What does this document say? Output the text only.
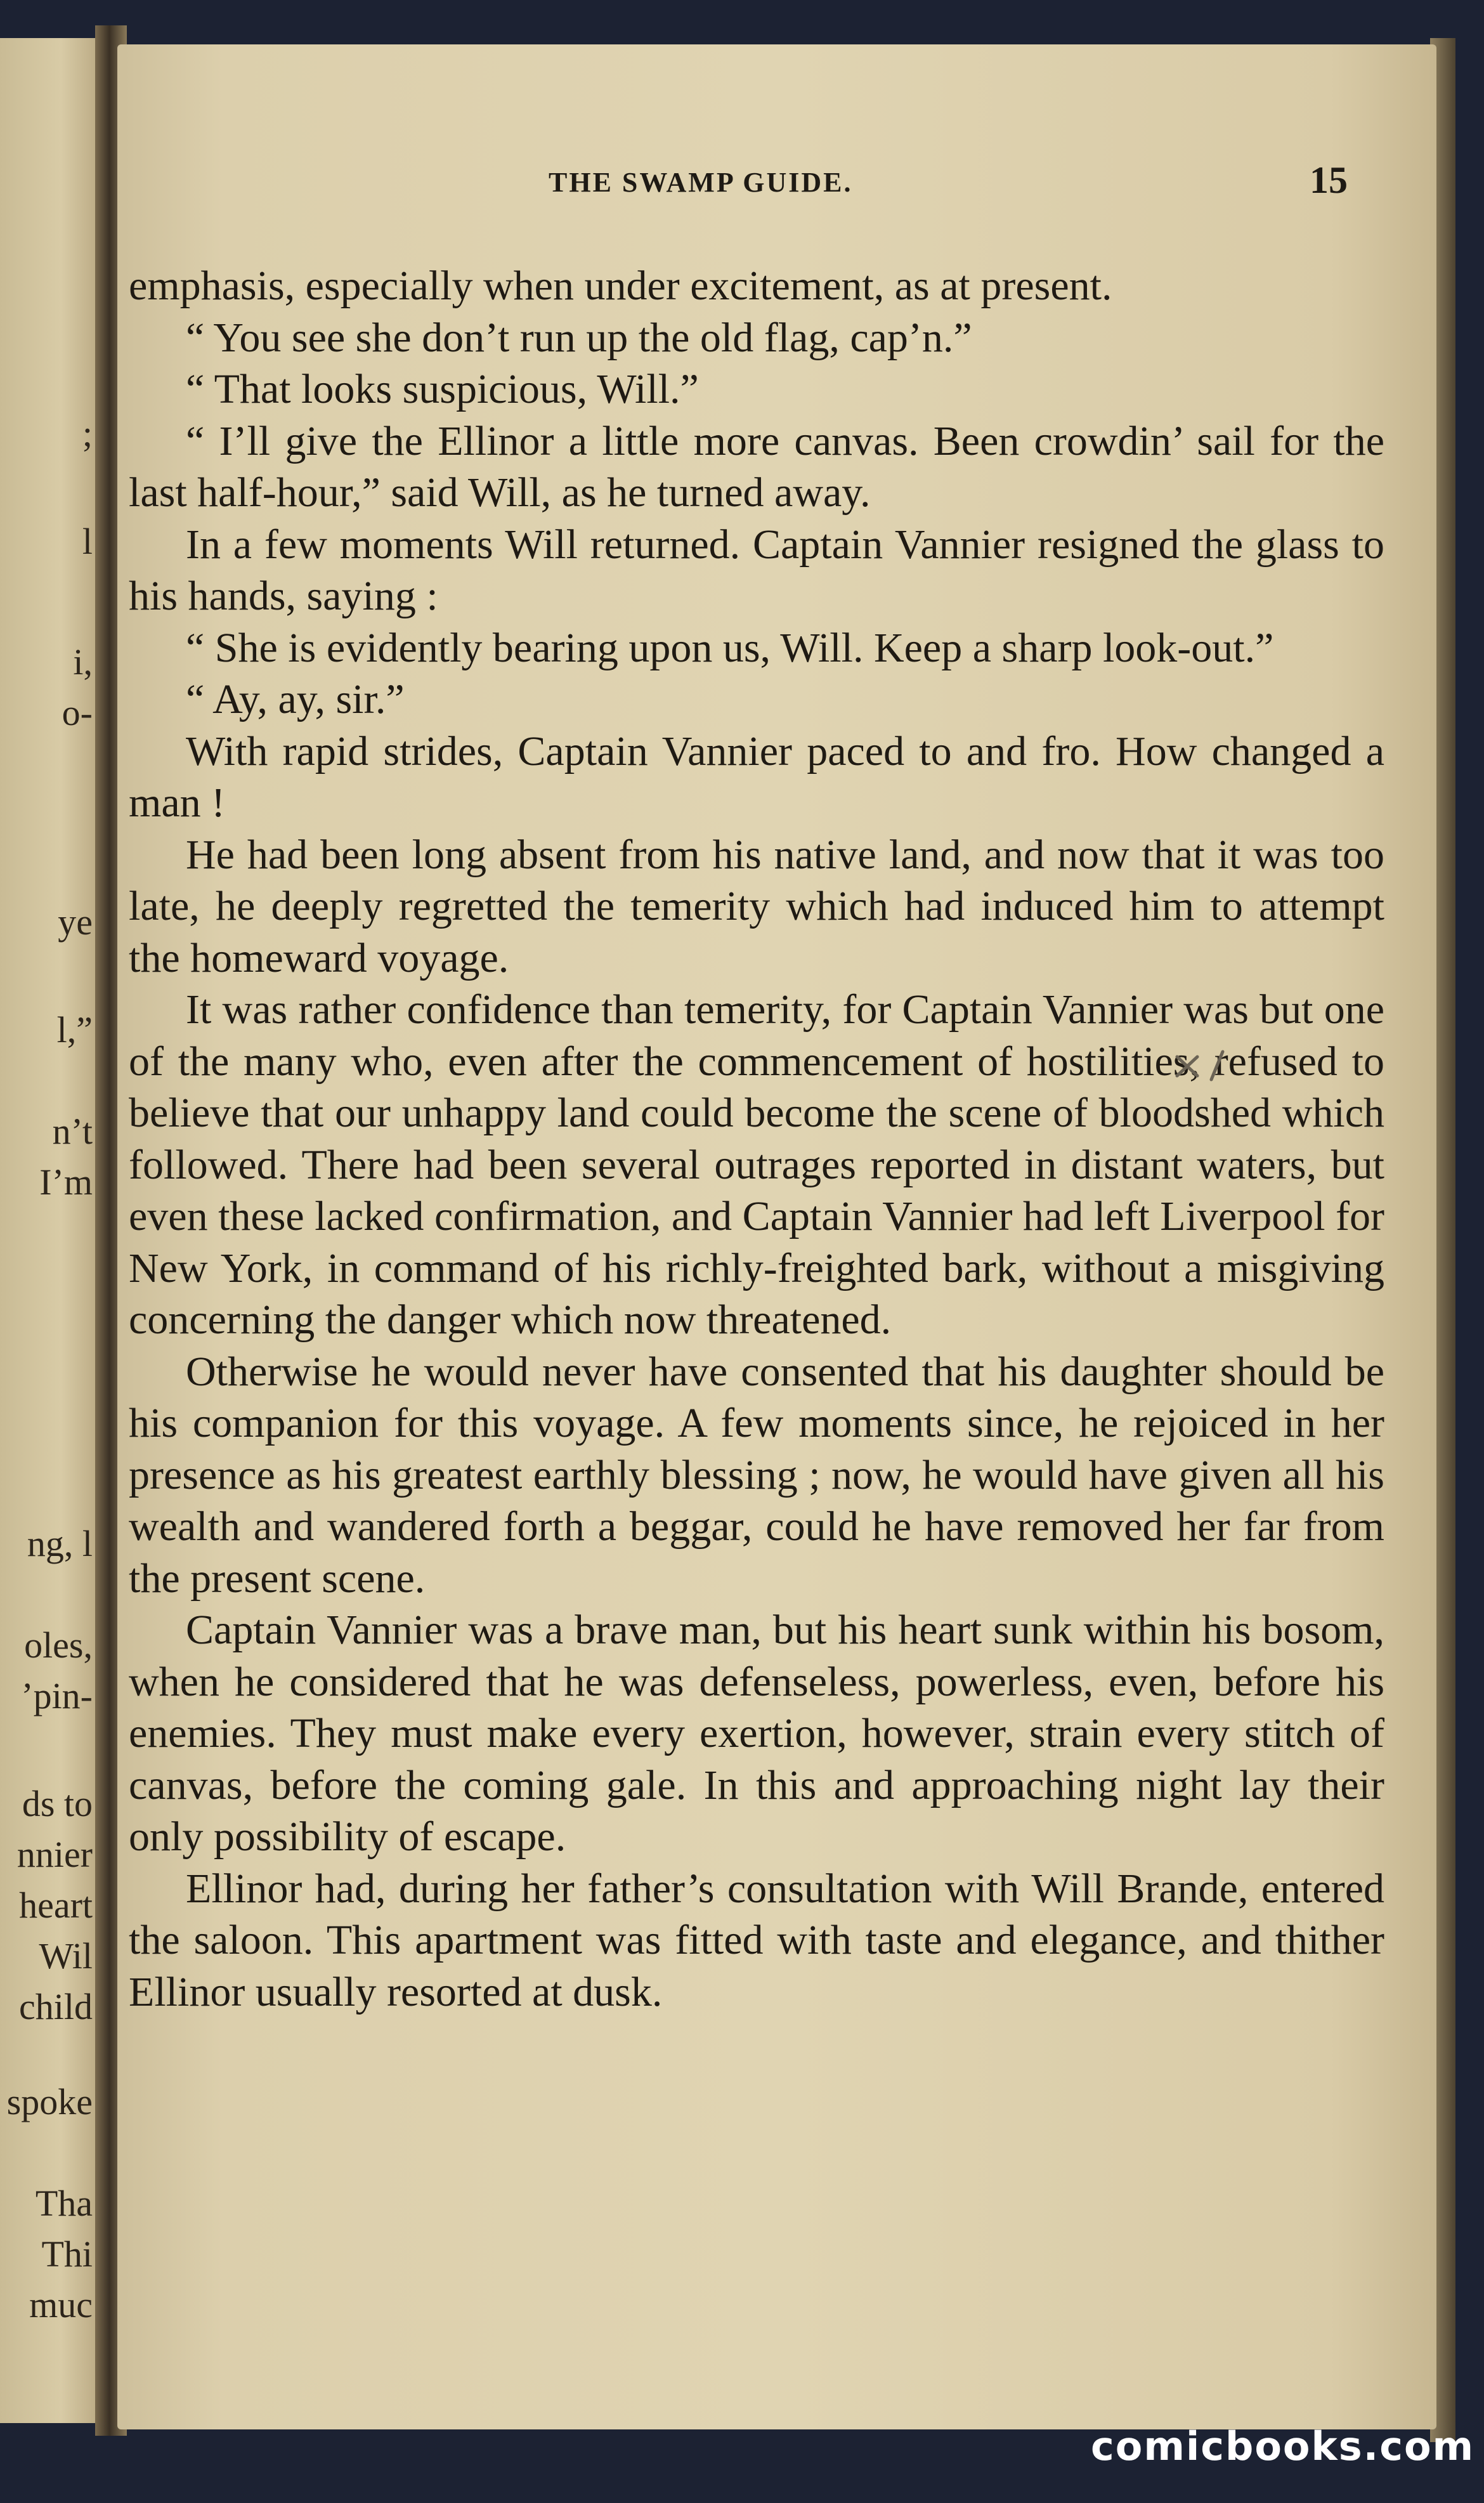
;
l
i,
o-
ye
l,”
n’t
I’m
ng, l
oles,
’pin-
ds to
nnier
heart
Wil
child
spoke
Tha
Thi
muc
THE SWAMP GUIDE.	15

emphasis, especially when under excitement, as at present.

“ You see she don’t run up the old flag, cap’n.”

“ That looks suspicious, Will.”

“ I’ll give the Ellinor a little more canvas. Been crowdin’ sail for the last half-hour,” said Will, as he turned away.

In a few moments Will returned. Captain Vannier resigned the glass to his hands, saying :

“ She is evidently bearing upon us, Will. Keep a sharp look-out.”

“ Ay, ay, sir.”

With rapid strides, Captain Vannier paced to and fro. How changed a man !

He had been long absent from his native land, and now that it was too late, he deeply regretted the temerity which had induced him to attempt the homeward voyage.

It was rather confidence than temerity, for Captain Vannier was but one of the many who, even after the commencement of hostilities, refused to believe that our unhappy land could become the scene of bloodshed which followed. There had been several outrages reported in distant waters, but even these lacked confirmation, and Captain Vannier had left Liverpool for New York, in command of his richly-freighted bark, without a misgiving concerning the danger which now threatened.

Otherwise he would never have consented that his daughter should be his companion for this voyage. A few moments since, he rejoiced in her presence as his greatest earthly blessing ; now, he would have given all his wealth and wandered forth a beggar, could he have removed her far from the present scene.

Captain Vannier was a brave man, but his heart sunk within his bosom, when he considered that he was defenseless, powerless, even, before his enemies. They must make every exertion, however, strain every stitch of canvas, before the coming gale. In this and approaching night lay their only possibility of escape.

Ellinor had, during her father’s consultation with Will Brande, entered the saloon. This apartment was fitted with taste and elegance, and thither Ellinor usually resorted at dusk.

comicbooks.com
